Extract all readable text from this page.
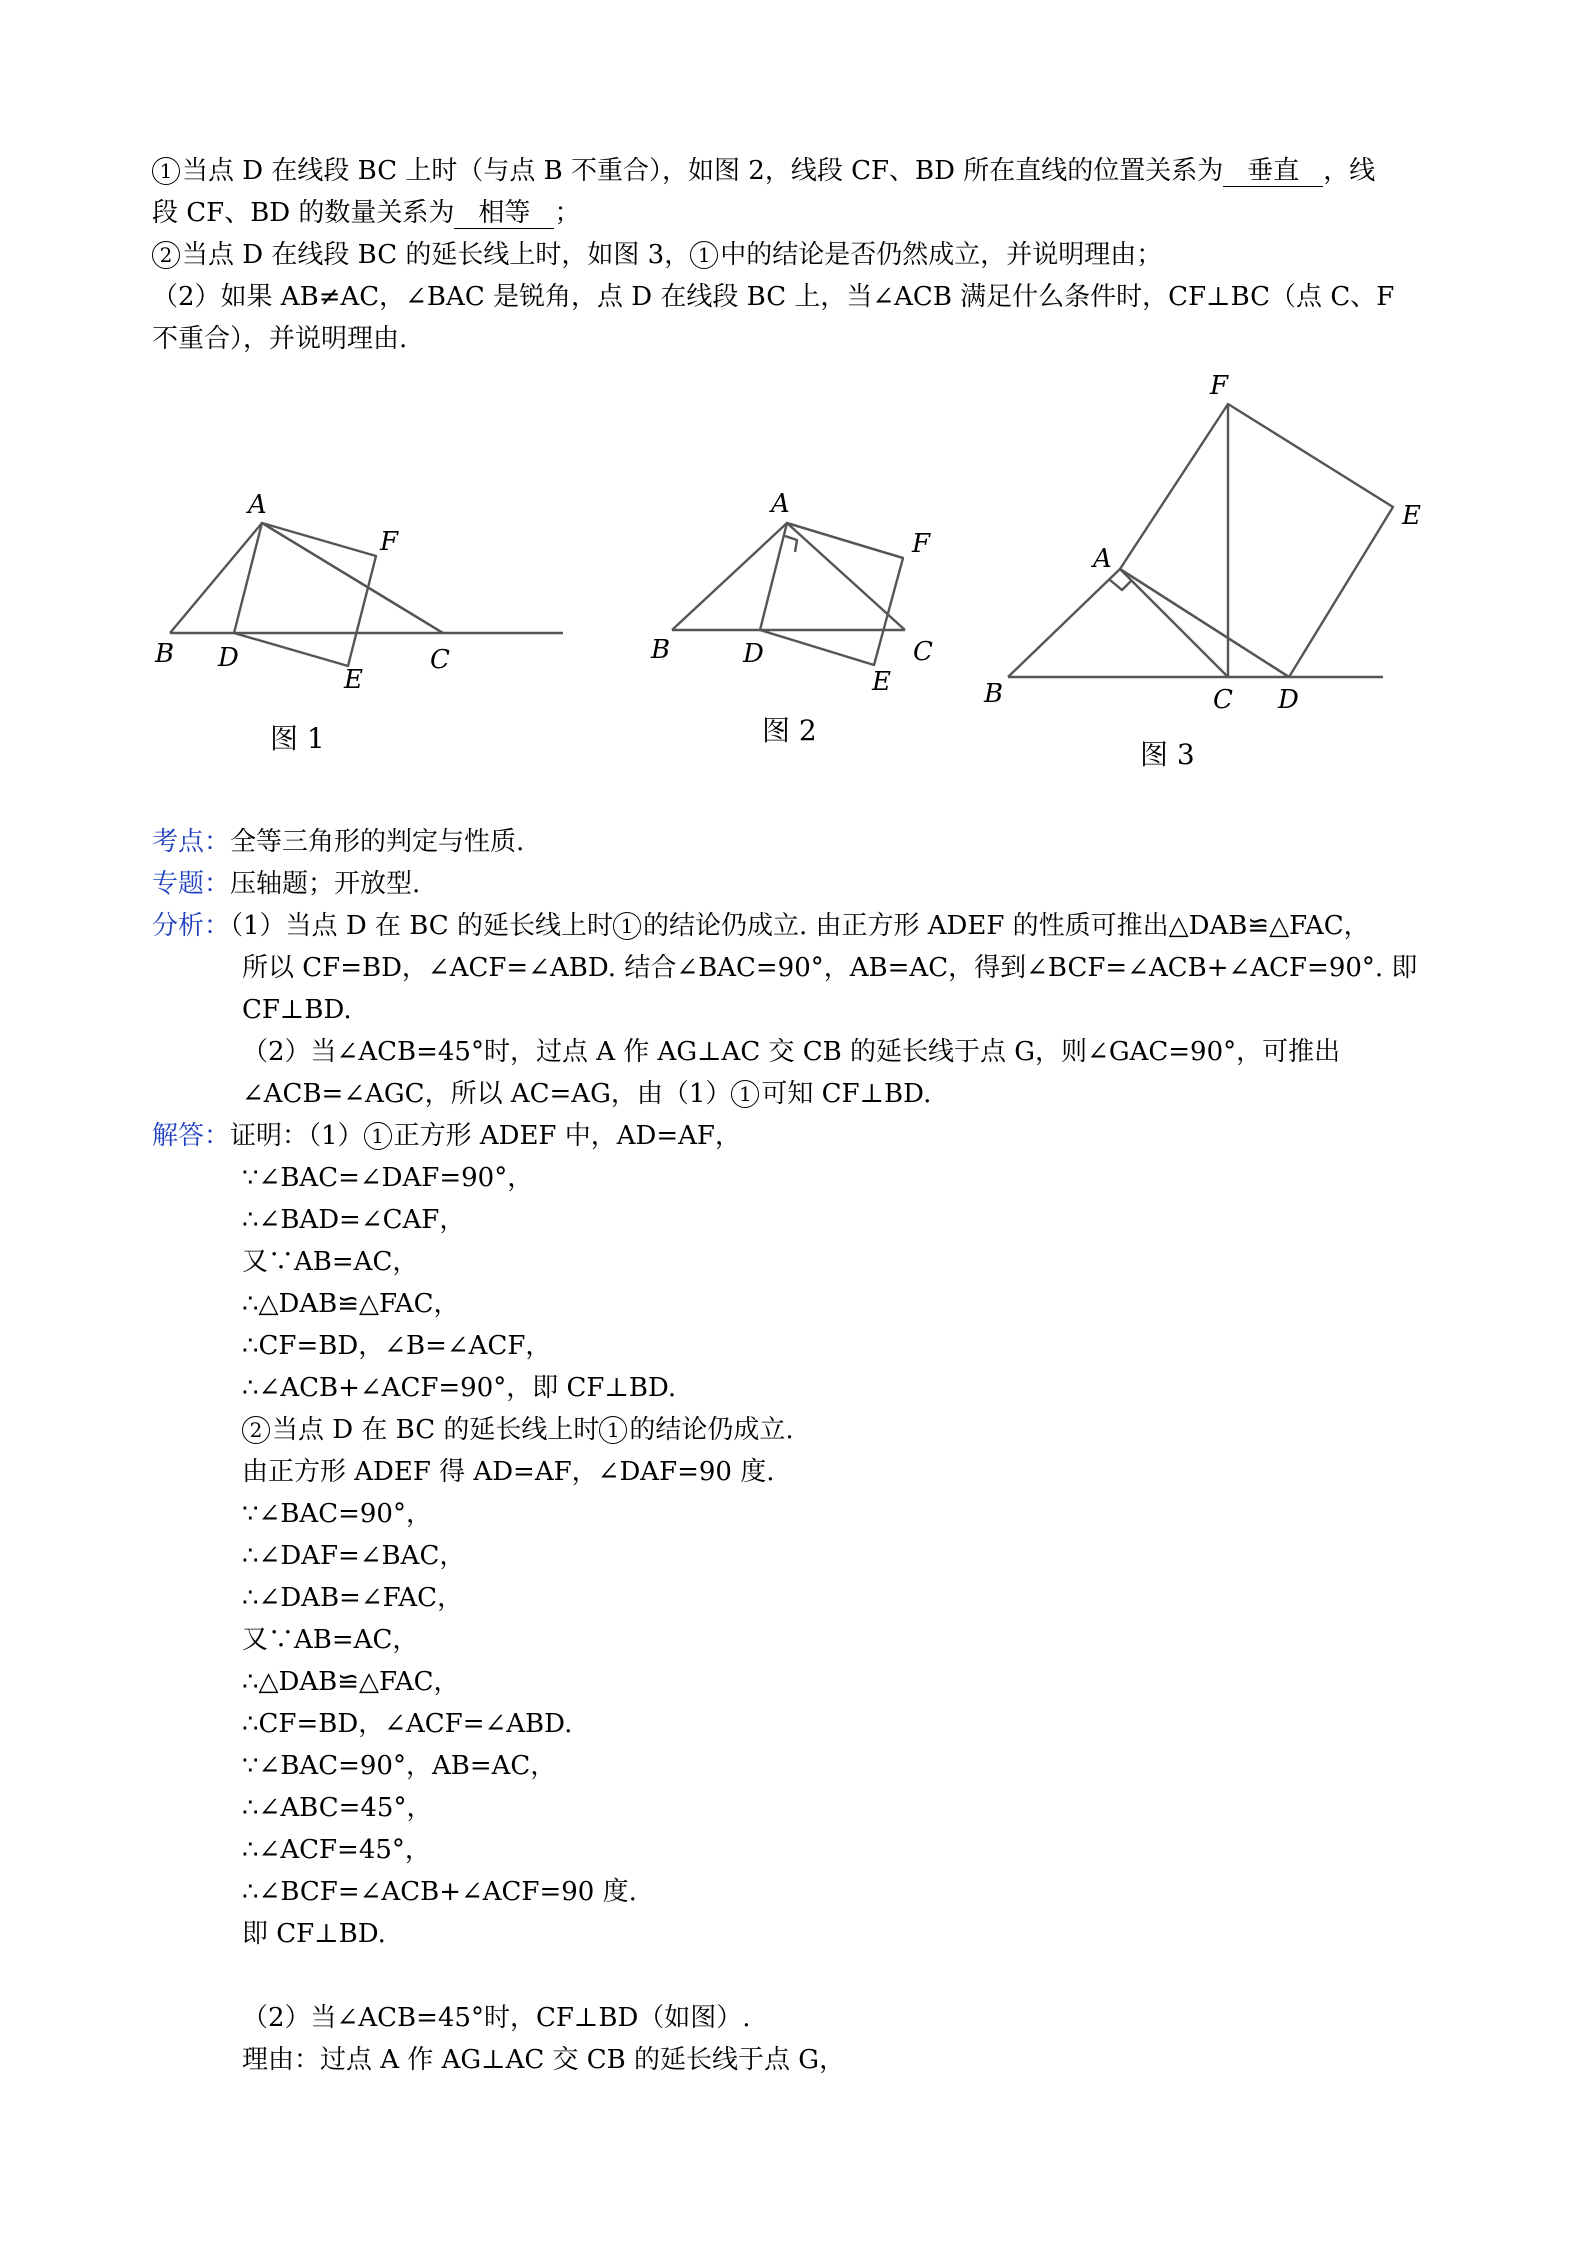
1 当点 D 在线段 BC 上时（与点 B 不重合），如图 2，线段 CF、BD 所在直线的位置关系为 垂直 ，线
段 CF、BD 的数量关系为 相等 ；
2 当点 D 在线段 BC 的延长线上时，如图 3， 1 中的结论是否仍然成立，并说明理由；
（2）如果 AB≠AC，∠BAC 是锐角，点 D 在线段 BC 上，当∠ACB 满足什么条件时，CF⊥BC（点 C、F
不重合），并说明理由.
A
F
B D
E
C
图 1
A
F
B	D
E
C
图 2
F
E
A
B	C D
图 3
考点：全等三角形的判定与性质.
专题：压轴题；开放型.
分析：（1）当点 D 在 BC 的延长线上时 1 的结论仍成立. 由正方形 ADEF 的性质可推出△DAB≌△FAC，
所以 CF=BD，∠ACF=∠ABD. 结合∠BAC=90°，AB=AC，得到∠BCF=∠ACB+∠ACF=90°. 即
CF⊥BD.
（2）当∠ACB=45°时，过点 A 作 AG⊥AC 交 CB 的延长线于点 G，则∠GAC=90°，可推出
∠ACB=∠AGC，所以 AC=AG，由（1） 1 可知 CF⊥BD.
解答：证明：（1） 1 正方形 ADEF 中，AD=AF，
∵∠BAC=∠DAF=90°，
∴∠BAD=∠CAF，
又∵AB=AC，
∴△DAB≌△FAC，
∴CF=BD，∠B=∠ACF，
∴∠ACB+∠ACF=90°，即 CF⊥BD.
2 当点 D 在 BC 的延长线上时 1 的结论仍成立.
由正方形 ADEF 得 AD=AF，∠DAF=90 度.
∵∠BAC=90°，
∴∠DAF=∠BAC，
∴∠DAB=∠FAC，
又∵AB=AC，
∴△DAB≌△FAC，
∴CF=BD，∠ACF=∠ABD.
∵∠BAC=90°，AB=AC，
∴∠ABC=45°，
∴∠ACF=45°，
∴∠BCF=∠ACB+∠ACF=90 度.
即 CF⊥BD.
（2）当∠ACB=45°时，CF⊥BD（如图）.
理由：过点 A 作 AG⊥AC 交 CB 的延长线于点 G，
